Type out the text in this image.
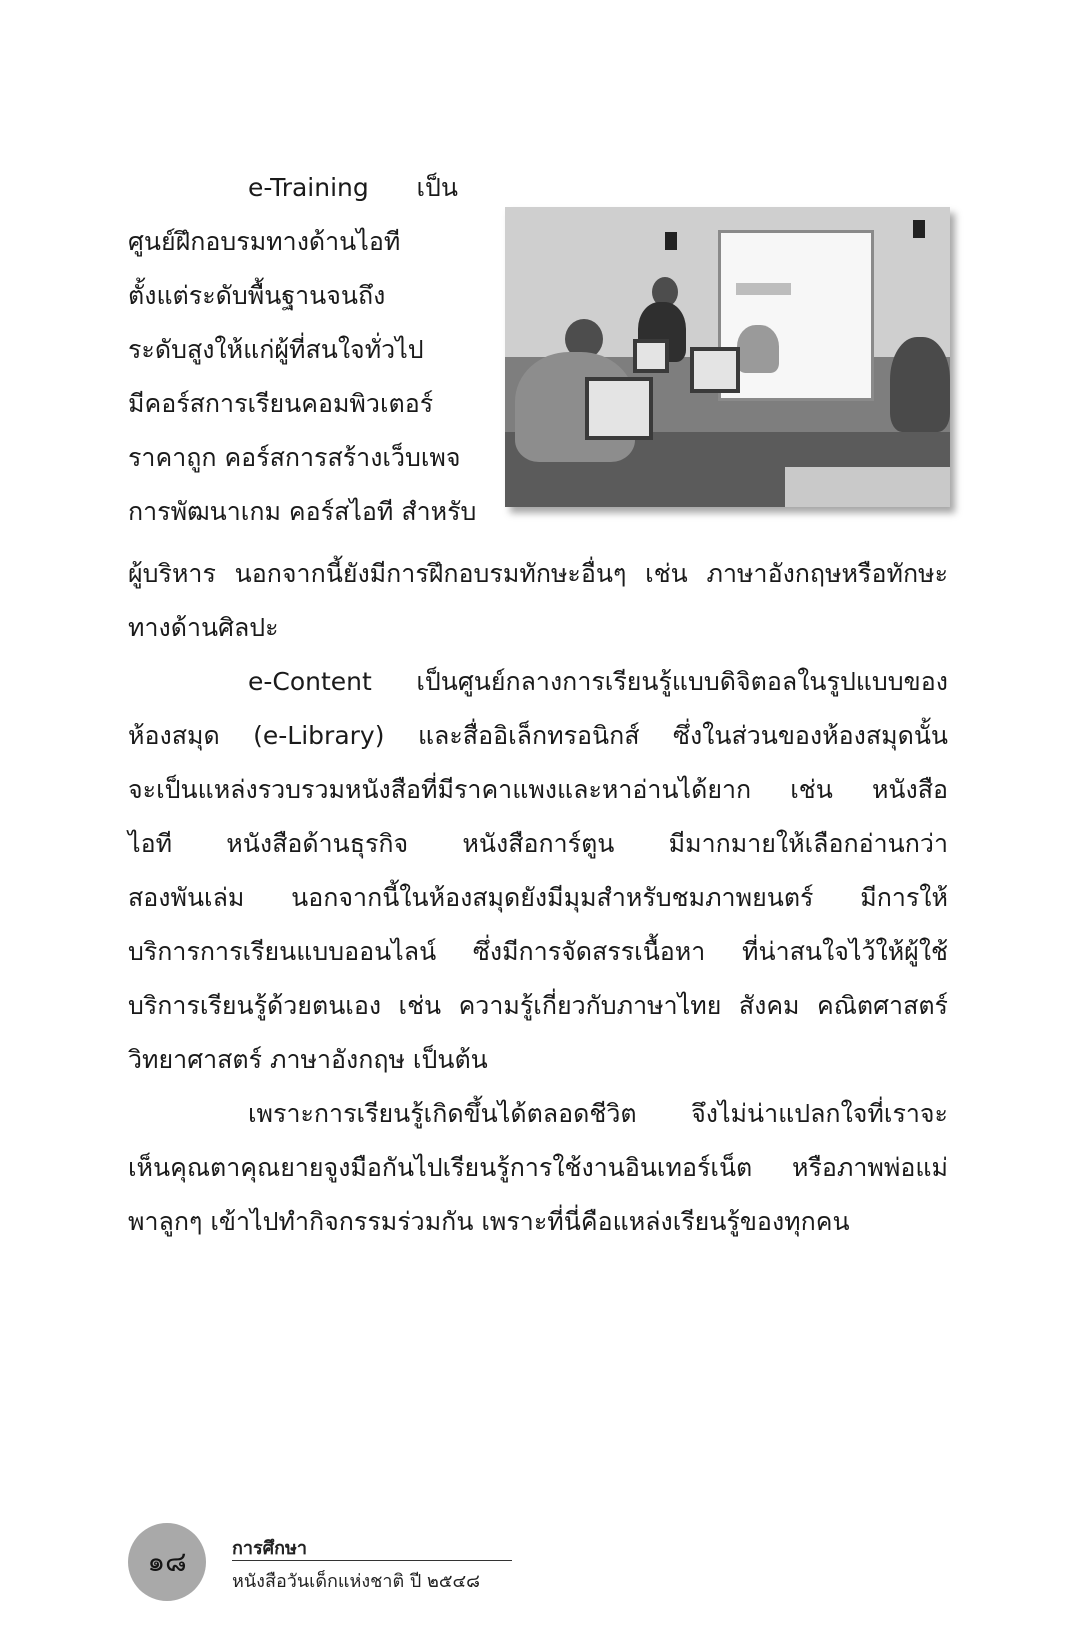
e-Training เป็น

ศูนย์ฝึกอบรมทางด้านไอที

ตั้งแต่ระดับพื้นฐานจนถึง

ระดับสูงให้แก่ผู้ที่สนใจทั่วไป

มีคอร์สการเรียนคอมพิวเตอร์

ราคาถูก คอร์สการสร้างเว็บเพจ

การพัฒนาเกม คอร์สไอที สำหรับ

ผู้บริหาร นอกจากนี้ยังมีการฝึกอบรมทักษะอื่นๆ เช่น ภาษาอังกฤษหรือทักษะ

ทางด้านศิลปะ

e-Content เป็นศูนย์กลางการเรียนรู้แบบดิจิตอลในรูปแบบของ

ห้องสมุด (e-Library) และสื่ออิเล็กทรอนิกส์ ซึ่งในส่วนของห้องสมุดนั้น

จะเป็นแหล่งรวบรวมหนังสือที่มีราคาแพงและหาอ่านได้ยาก เช่น หนังสือ

ไอที หนังสือด้านธุรกิจ หนังสือการ์ตูน มีมากมายให้เลือกอ่านกว่า

สองพันเล่ม นอกจากนี้ในห้องสมุดยังมีมุมสำหรับชมภาพยนตร์ มีการให้

บริการการเรียนแบบออนไลน์ ซึ่งมีการจัดสรรเนื้อหา ที่น่าสนใจไว้ให้ผู้ใช้

บริการเรียนรู้ด้วยตนเอง เช่น ความรู้เกี่ยวกับภาษาไทย สังคม คณิตศาสตร์

วิทยาศาสตร์ ภาษาอังกฤษ เป็นต้น

เพราะการเรียนรู้เกิดขึ้นได้ตลอดชีวิต จึงไม่น่าแปลกใจที่เราจะ

เห็นคุณตาคุณยายจูงมือกันไปเรียนรู้การใช้งานอินเทอร์เน็ต หรือภาพพ่อแม่

พาลูกๆ เข้าไปทำกิจกรรมร่วมกัน เพราะที่นี่คือแหล่งเรียนรู้ของทุกคน

๑๘	การศึกษา
หนังสือวันเด็กแห่งชาติ ปี ๒๕๔๘
